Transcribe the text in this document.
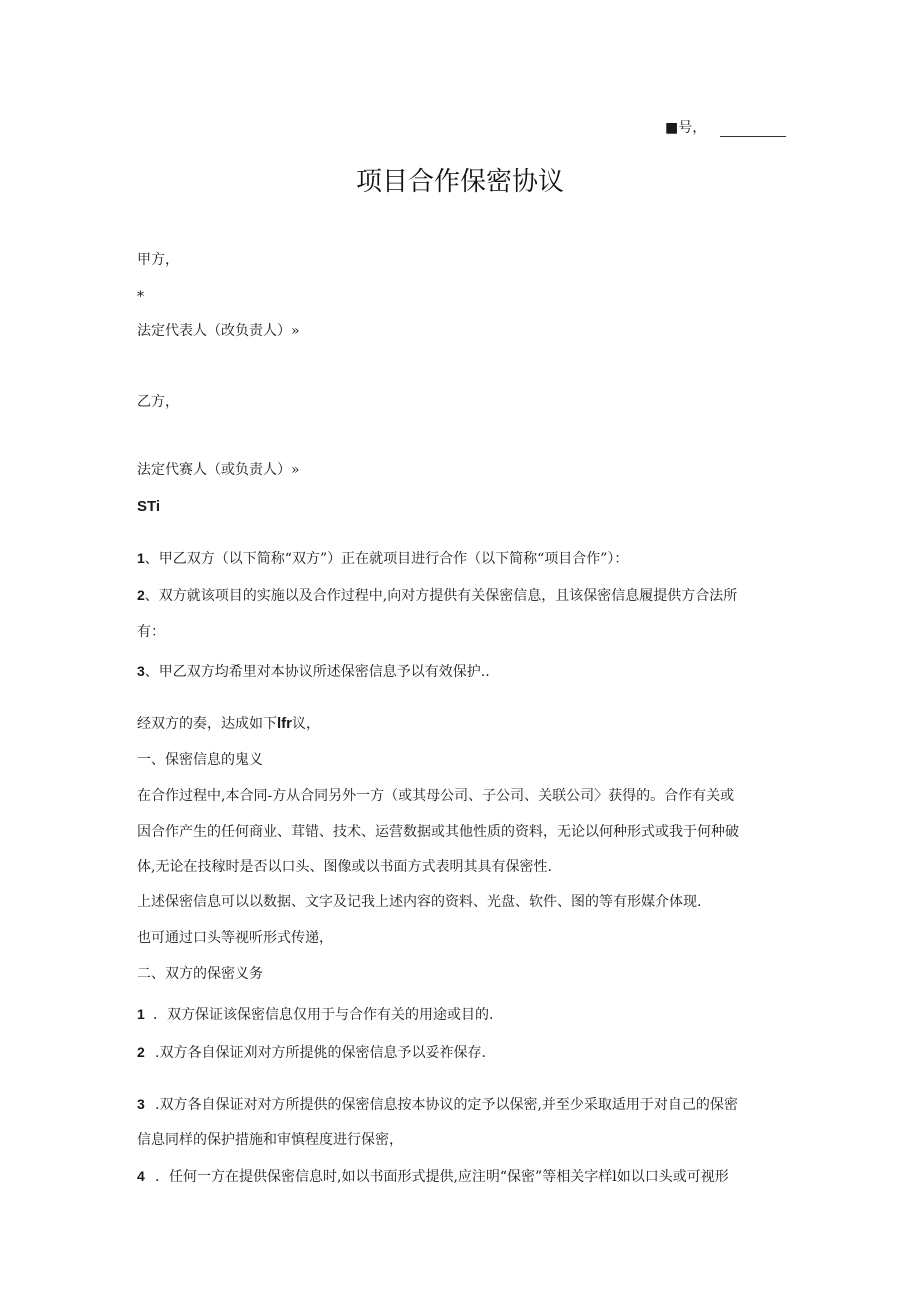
■号，
项目合作保密协议
甲方，
*
法定代表人（改负责人）»
乙方，
法定代赛人（或负责人）»
STi
1、甲乙双方（以下简称“双方”）正在就项目进行合作（以下简称“项目合作”）：
2、双方就该项目的实施以及合作过程中,向对方提供有关保密信息，且该保密信息履提供方合法所
有：
3、甲乙双方均希里对本协议所述保密信息予以有效保护..
经双方的奏，达成如下lfr议，
一、保密信息的鬼义
在合作过程中,本合同-方从合同另外一方（或其母公司、子公司、关联公司〉获得的。合作有关或
因合作产生的任何商业、茸错、技术、运营数据或其他性质的资料，无论以何种形式或我于何种破
体,无论在技稼时是否以口头、图像或以书面方式表明其具有保密性.
上述保密信息可以以数据、文字及记我上述内容的资料、光盘、软件、图的等有形媒介体现.
也可通过口头等视听形式传递，
二、双方的保密义务
1 ．双方保证该保密信息仅用于与合作有关的用途或目的.
2 .双方各自保证刈对方所提佻的保密信息予以妥祚保存.
3 .双方各自保证对对方所提供的保密信息按本协议的定予以保密,并至少采取适用于对自己的保密
信息同样的保护措施和审慎程度进行保密，
4 ．任何一方在提供保密信息时,如以书面形式提供,应注明“保密”等相关字样l如以口头或可视形
